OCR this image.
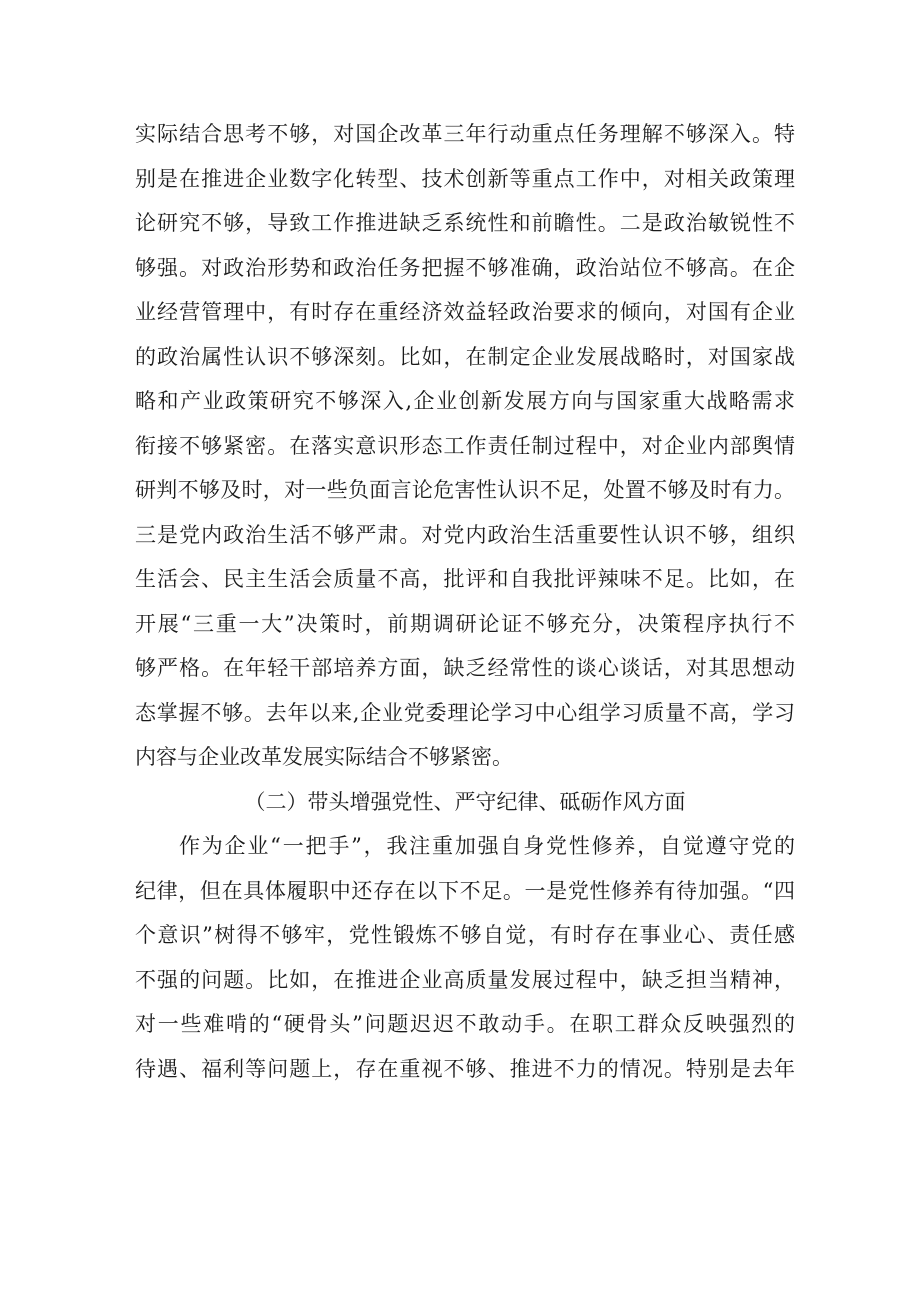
实际结合思考不够，对国企改革三年行动重点任务理解不够深入。特
别是在推进企业数字化转型、技术创新等重点工作中，对相关政策理
论研究不够，导致工作推进缺乏系统性和前瞻性。二是政治敏锐性不
够强。对政治形势和政治任务把握不够准确，政治站位不够高。在企
业经营管理中，有时存在重经济效益轻政治要求的倾向，对国有企业
的政治属性认识不够深刻。比如，在制定企业发展战略时，对国家战
略和产业政策研究不够深入,企业创新发展方向与国家重大战略需求
衔接不够紧密。在落实意识形态工作责任制过程中，对企业内部舆情
研判不够及时，对一些负面言论危害性认识不足，处置不够及时有力。
三是党内政治生活不够严肃。对党内政治生活重要性认识不够，组织
生活会、民主生活会质量不高，批评和自我批评辣味不足。比如，在
开展“三重一大”决策时，前期调研论证不够充分，决策程序执行不
够严格。在年轻干部培养方面，缺乏经常性的谈心谈话，对其思想动
态掌握不够。去年以来,企业党委理论学习中心组学习质量不高，学习
内容与企业改革发展实际结合不够紧密。
（二）带头增强党性、严守纪律、砥砺作风方面
作为企业“一把手”，我注重加强自身党性修养，自觉遵守党的
纪律，但在具体履职中还存在以下不足。一是党性修养有待加强。“四
个意识”树得不够牢，党性锻炼不够自觉，有时存在事业心、责任感
不强的问题。比如，在推进企业高质量发展过程中，缺乏担当精神，
对一些难啃的“硬骨头”问题迟迟不敢动手。在职工群众反映强烈的
待遇、福利等问题上，存在重视不够、推进不力的情况。特别是去年
